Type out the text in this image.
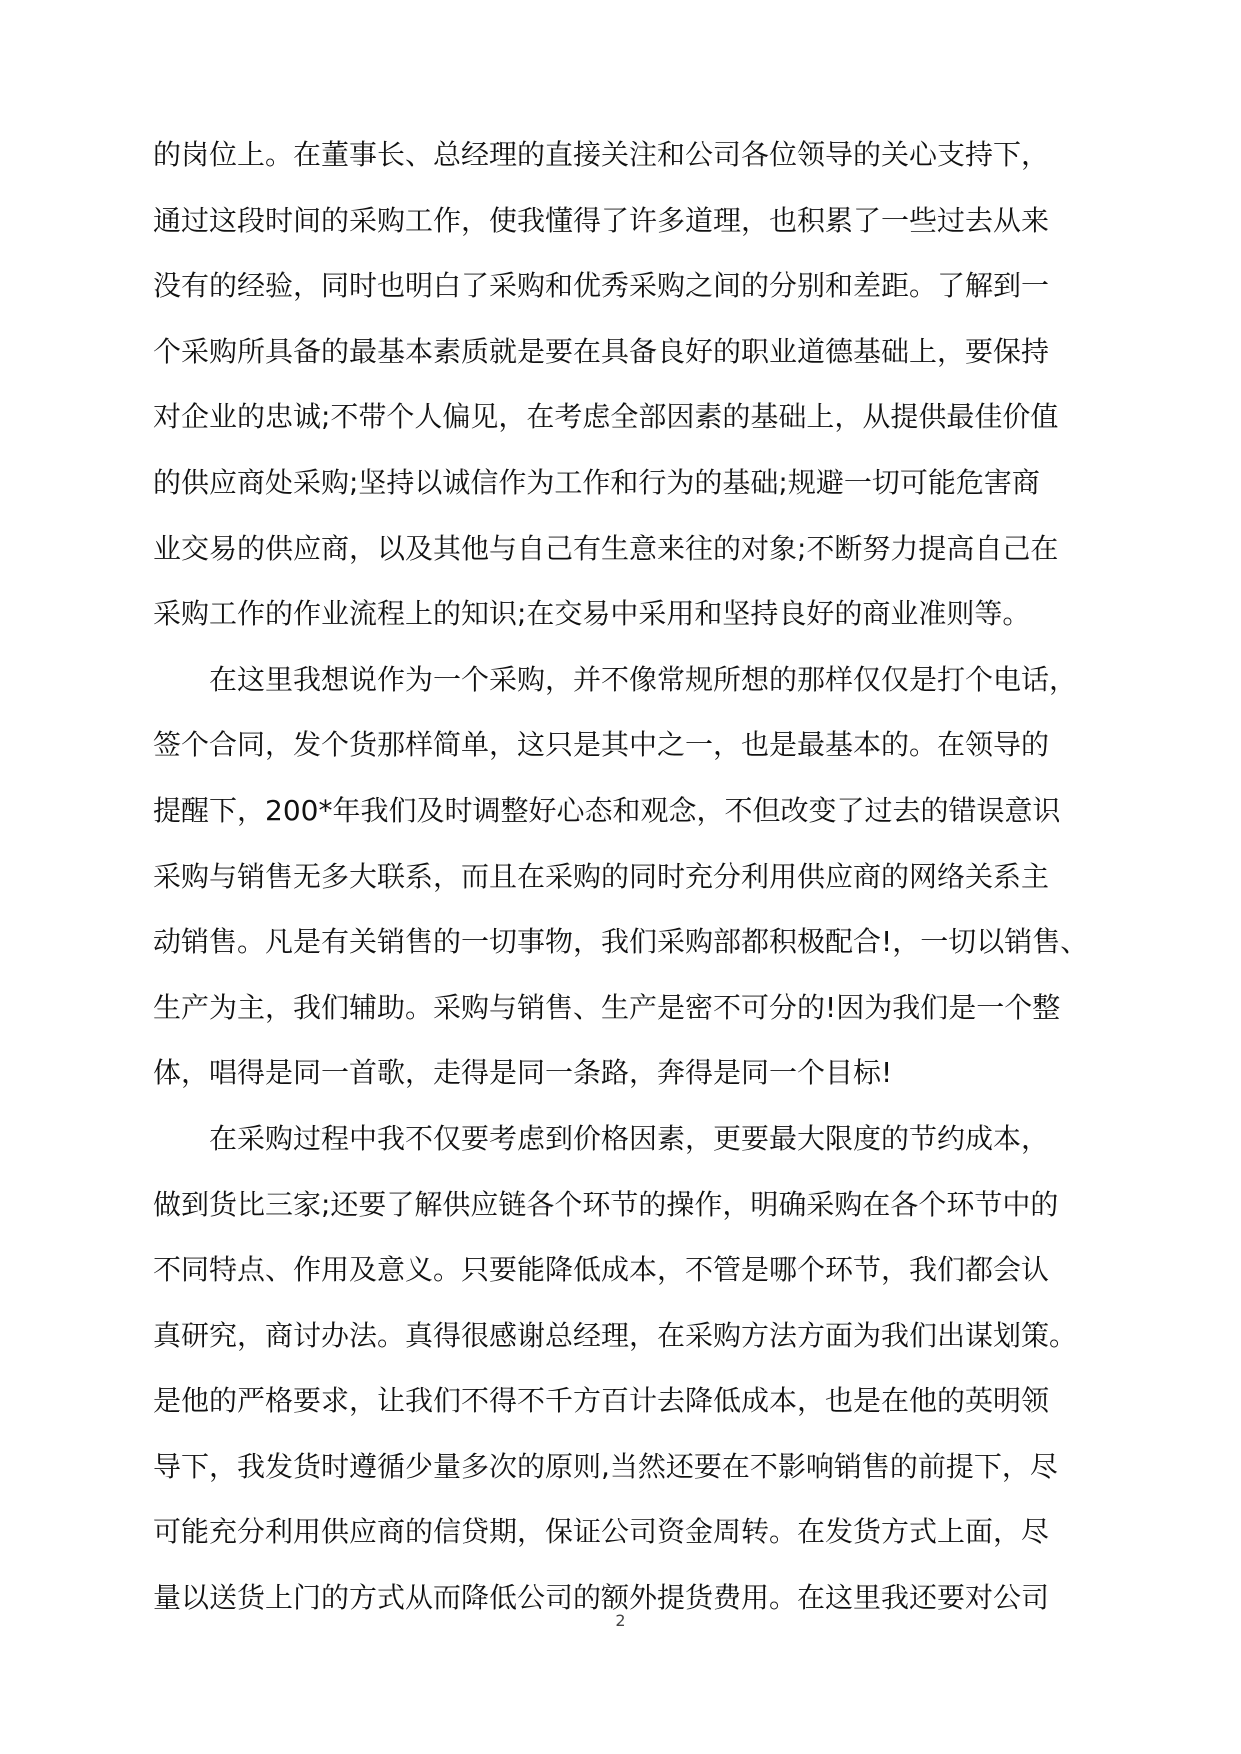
的岗位上。在董事长、总经理的直接关注和公司各位领导的关心支持下，
通过这段时间的采购工作，使我懂得了许多道理，也积累了一些过去从来
没有的经验，同时也明白了采购和优秀采购之间的分别和差距。了解到一
个采购所具备的最基本素质就是要在具备良好的职业道德基础上，要保持
对企业的忠诚;不带个人偏见，在考虑全部因素的基础上，从提供最佳价值
的供应商处采购;坚持以诚信作为工作和行为的基础;规避一切可能危害商
业交易的供应商，以及其他与自己有生意来往的对象;不断努力提高自己在
采购工作的作业流程上的知识;在交易中采用和坚持良好的商业准则等。
在这里我想说作为一个采购，并不像常规所想的那样仅仅是打个电话，
签个合同，发个货那样简单，这只是其中之一，也是最基本的。在领导的
提醒下，200*年我们及时调整好心态和观念，不但改变了过去的错误意识
采购与销售无多大联系，而且在采购的同时充分利用供应商的网络关系主
动销售。凡是有关销售的一切事物，我们采购部都积极配合!，一切以销售、
生产为主，我们辅助。采购与销售、生产是密不可分的!因为我们是一个整
体，唱得是同一首歌，走得是同一条路，奔得是同一个目标!
在采购过程中我不仅要考虑到价格因素，更要最大限度的节约成本，
做到货比三家;还要了解供应链各个环节的操作，明确采购在各个环节中的
不同特点、作用及意义。只要能降低成本，不管是哪个环节，我们都会认
真研究，商讨办法。真得很感谢总经理，在采购方法方面为我们出谋划策。
是他的严格要求，让我们不得不千方百计去降低成本，也是在他的英明领
导下，我发货时遵循少量多次的原则,当然还要在不影响销售的前提下，尽
可能充分利用供应商的信贷期，保证公司资金周转。在发货方式上面，尽
量以送货上门的方式从而降低公司的额外提货费用。在这里我还要对公司
2
